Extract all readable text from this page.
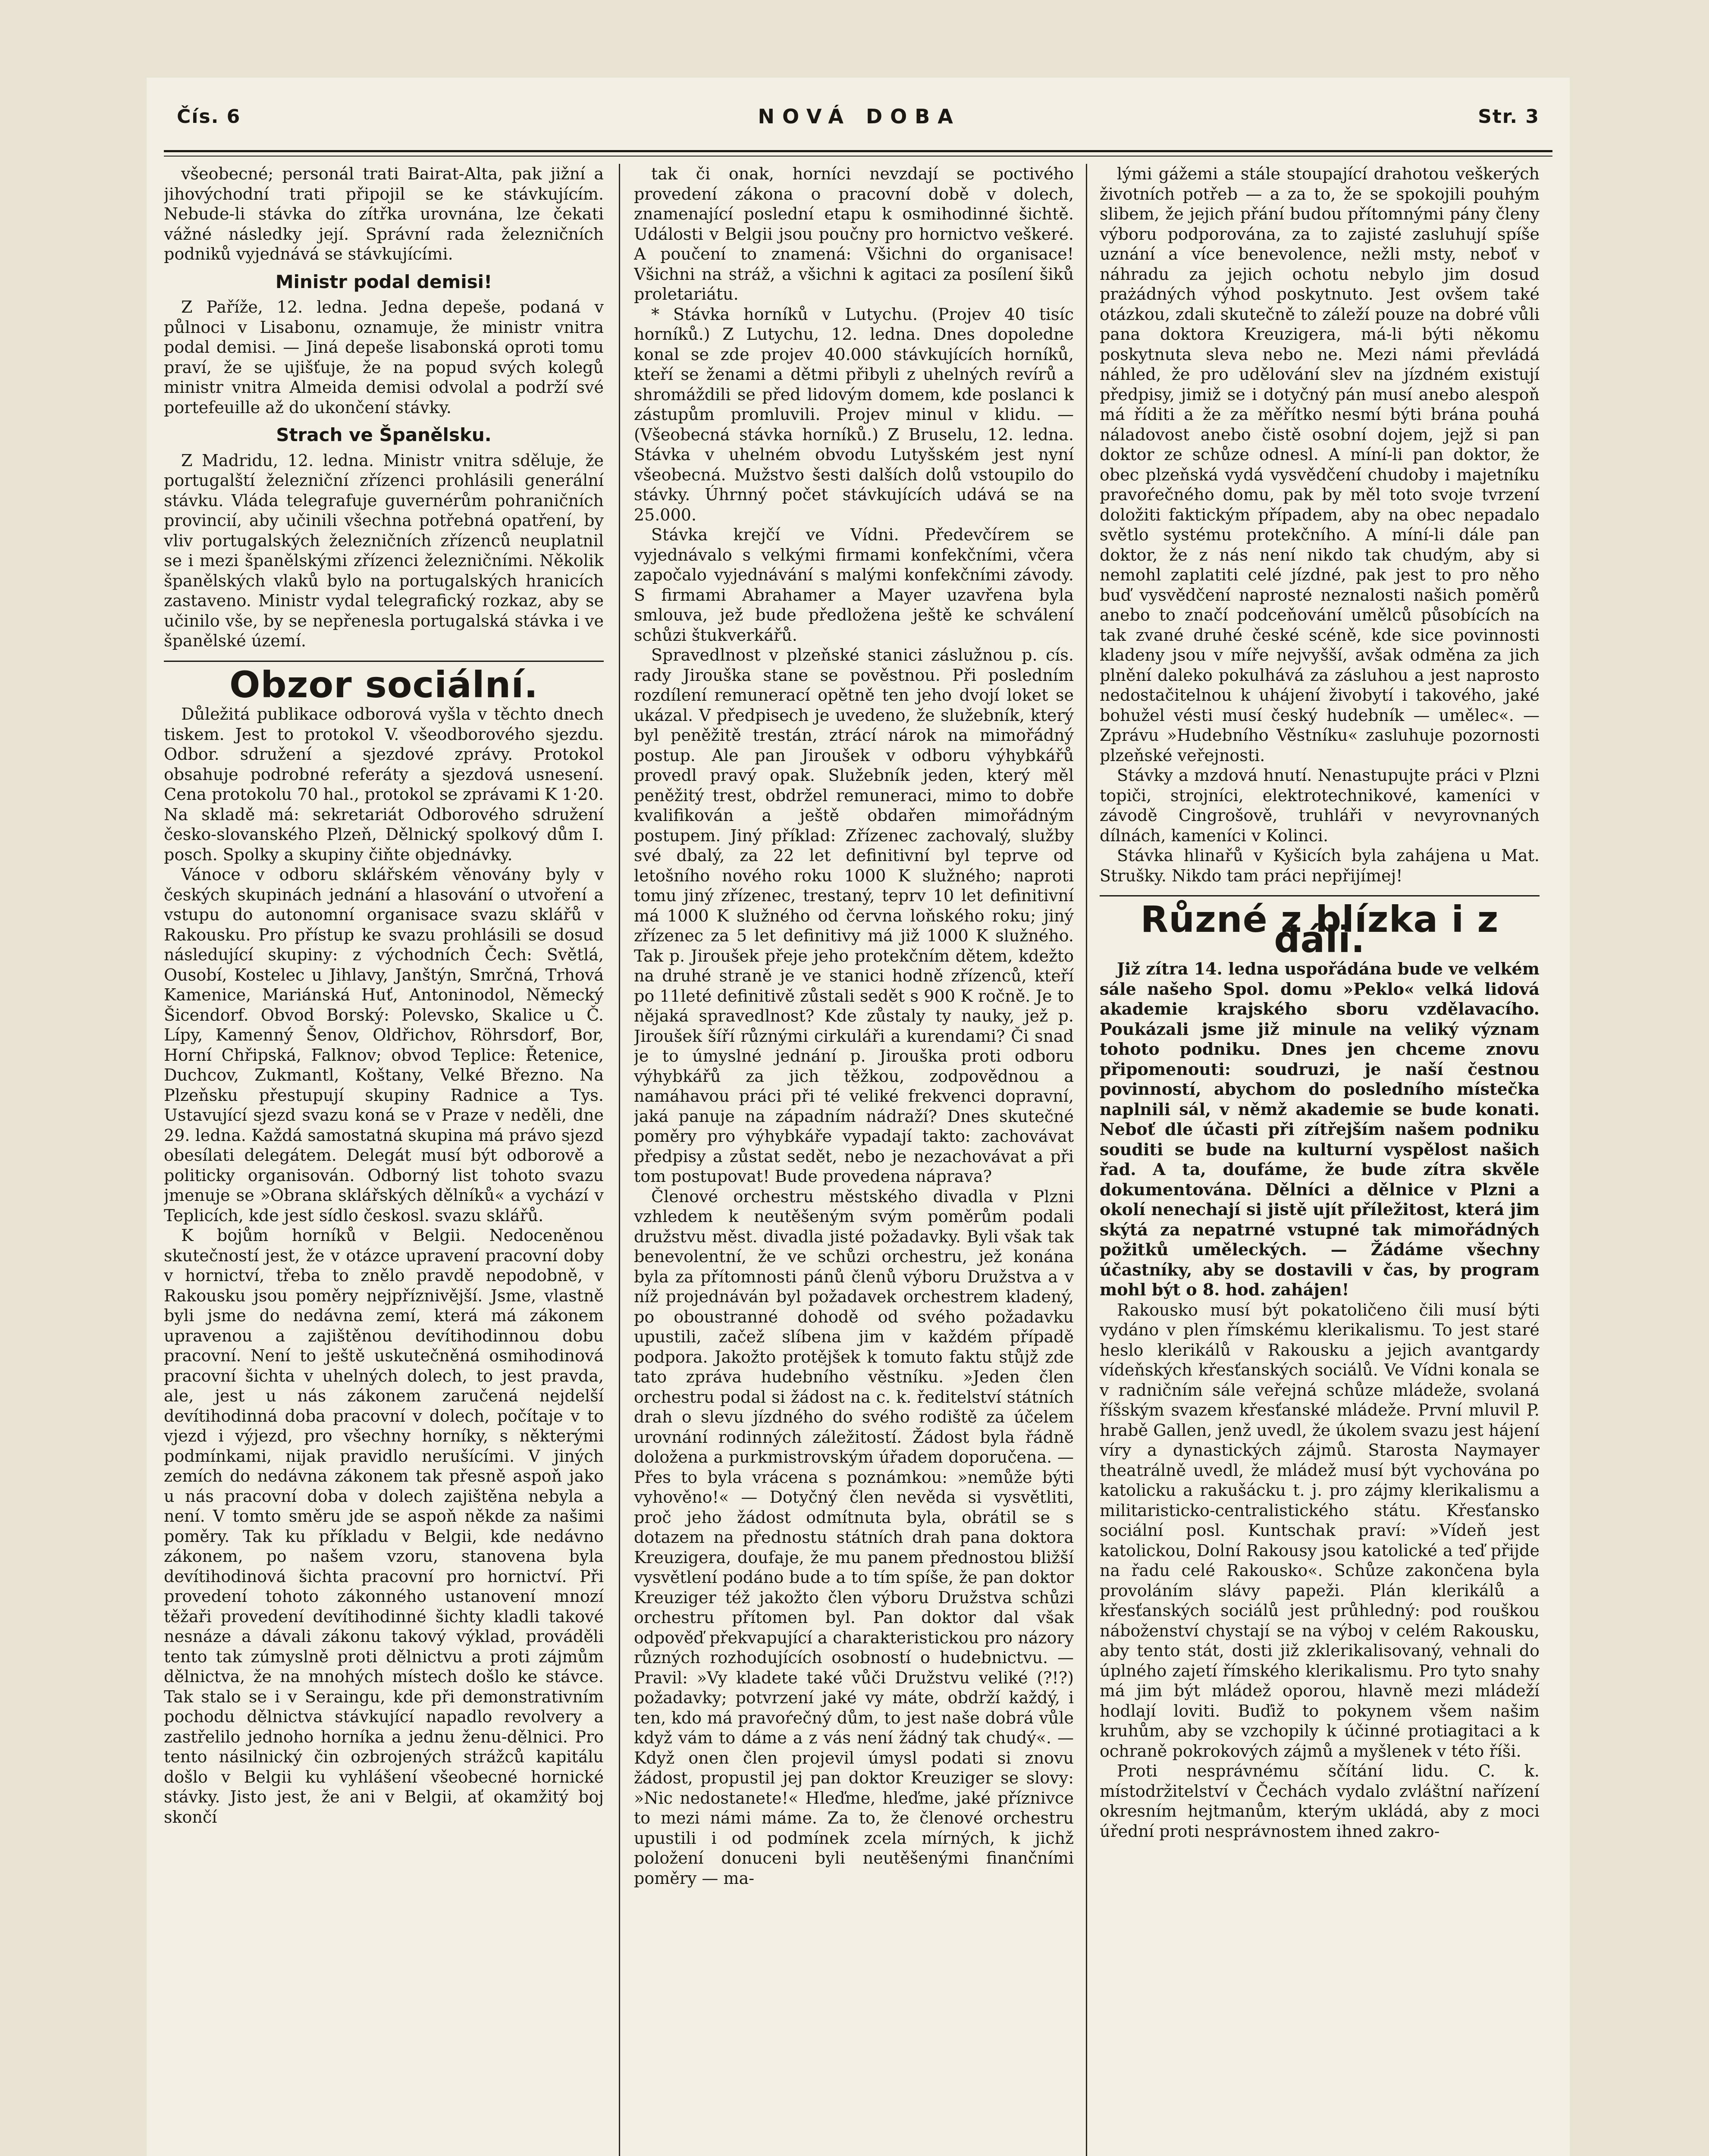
Čís. 6	NOVÁ DOBA	Str. 3

všeobecné; personál trati Bairat-Alta, pak jižní a jihovýchodní trati připojil se ke stávkujícím. Nebude-li stávka do zítřka urovnána, lze čekati vážné následky její. Správní rada železničních podniků vyjednává se stávkujícími.

Ministr podal demisi!

Z Paříže, 12. ledna. Jedna depeše, podaná v půlnoci v Lisabonu, oznamuje, že ministr vnitra podal demisi. — Jiná depeše lisabonská oproti tomu praví, že se ujišťuje, že na popud svých kolegů ministr vnitra Almeida demisi odvolal a podrží své portefeuille až do ukončení stávky.

Strach ve Španělsku.

Z Madridu, 12. ledna. Ministr vnitra sděluje, že portugalští železniční zřízenci prohlásili generální stávku. Vláda telegrafuje guvernérům pohraničních provincií, aby učinili všechna potřebná opatření, by vliv portugalských železničních zřízenců neuplatnil se i mezi španělskými zřízenci železničními. Několik španělských vlaků bylo na portugalských hranicích zastaveno. Ministr vydal telegrafický rozkaz, aby se učinilo vše, by se nepřenesla portugalská stávka i ve španělské území.

Obzor sociální.

Důležitá publikace odborová vyšla v těchto dnech tiskem. Jest to protokol V. všeodborového sjezdu. Odbor. sdružení a sjezdové zprávy. Protokol obsahuje podrobné referáty a sjezdová usnesení. Cena protokolu 70 hal., protokol se zprávami K 1·20. Na skladě má: sekretariát Odborového sdružení česko-slovanského Plzeň, Dělnický spolkový dům I. posch. Spolky a skupiny čiňte objednávky.

Vánoce v odboru sklářském věnovány byly v českých skupinách jednání a hlasování o utvoření a vstupu do autonomní organisace svazu sklářů v Rakousku. Pro přístup ke svazu prohlásili se dosud následující skupiny: z východních Čech: Světlá, Ousobí, Kostelec u Jihlavy, Janštýn, Smrčná, Trhová Kamenice, Mariánská Huť, Antoninodol, Německý Šicendorf. Obvod Borský: Polevsko, Skalice u Č. Lípy, Kamenný Šenov, Oldřichov, Röhrsdorf, Bor, Horní Chřipská, Falknov; obvod Teplice: Řetenice, Duchcov, Zukmantl, Koštany, Velké Březno. Na Plzeňsku přestupují skupiny Radnice a Tys. Ustavující sjezd svazu koná se v Praze v neděli, dne 29. ledna. Každá samostatná skupina má právo sjezd obesílati delegátem. Delegát musí být odborově a politicky organisován. Odborný list tohoto svazu jmenuje se »Obrana sklářských dělníků« a vychází v Teplicích, kde jest sídlo českosl. svazu sklářů.

K bojům horníků v Belgii. Nedoceněnou skutečností jest, že v otázce upravení pracovní doby v hornictví, třeba to znělo pravdě nepodobně, v Rakousku jsou poměry nejpříznivější. Jsme, vlastně byli jsme do nedávna zemí, která má zákonem upravenou a zajištěnou devítihodinnou dobu pracovní. Není to ještě uskutečněná osmihodinová pracovní šichta v uhelných dolech, to jest pravda, ale, jest u nás zákonem zaručená nejdelší devítihodinná doba pracovní v dolech, počítaje v to vjezd i výjezd, pro všechny horníky, s některými podmínkami, nijak pravidlo nerušícími. V jiných zemích do nedávna zákonem tak přesně aspoň jako u nás pracovní doba v dolech zajištěna nebyla a není. V tomto směru jde se aspoň někde za našimi poměry. Tak ku příkladu v Belgii, kde nedávno zákonem, po našem vzoru, stanovena byla devítihodinová šichta pracovní pro hornictví. Při provedení tohoto zákonného ustanovení mnozí těžaři provedení devítihodinné šichty kladli takové nesnáze a dávali zákonu takový výklad, prováděli tento tak zúmyslně proti dělnictvu a proti zájmům dělnictva, že na mnohých místech došlo ke stávce. Tak stalo se i v Seraingu, kde při demonstrativním pochodu dělnictva stávkující napadlo revolvery a zastřelilo jednoho horníka a jednu ženu-dělnici. Pro tento násilnický čin ozbrojených strážců kapitálu došlo v Belgii ku vyhlášení všeobecné hornické stávky. Jisto jest, že ani v Belgii, ať okamžitý boj skončí

tak či onak, horníci nevzdají se poctivého provedení zákona o pracovní době v dolech, znamenající poslední etapu k osmihodinné šichtě. Události v Belgii jsou poučny pro hornictvo veškeré. A poučení to znamená: Všichni do organisace! Všichni na stráž, a všichni k agitaci za posílení šiků proletariátu.

* Stávka horníků v Lutychu. (Projev 40 tisíc horníků.) Z Lutychu, 12. ledna. Dnes dopoledne konal se zde projev 40.000 stávkujících horníků, kteří se ženami a dětmi přibyli z uhelných revírů a shromáždili se před lidovým domem, kde poslanci k zástupům promluvili. Projev minul v klidu. — (Všeobecná stávka horníků.) Z Bruselu, 12. ledna. Stávka v uhelném obvodu Lutyšském jest nyní všeobecná. Mužstvo šesti dalších dolů vstoupilo do stávky. Úhrnný počet stávkujících udává se na 25.000.

Stávka krejčí ve Vídni. Předevčírem se vyjednávalo s velkými firmami konfekčními, včera započalo vyjednávání s malými konfekčními závody. S firmami Abrahamer a Mayer uzavřena byla smlouva, jež bude předložena ještě ke schválení schůzi štukverkářů.

Spravedlnost v plzeňské stanici záslužnou p. cís. rady Jirouška stane se pověstnou. Při posledním rozdílení remunerací opětně ten jeho dvojí loket se ukázal. V předpisech je uvedeno, že služebník, který byl peněžitě trestán, ztrácí nárok na mimořádný postup. Ale pan Jiroušek v odboru výhybkářů provedl pravý opak. Služebník jeden, který měl peněžitý trest, obdržel remuneraci, mimo to dobře kvalifikován a ještě obdařen mimořádným postupem. Jiný příklad: Zřízenec zachovalý, služby své dbalý, za 22 let definitivní byl teprve od letošního nového roku 1000 K služného; naproti tomu jiný zřízenec, trestaný, teprv 10 let definitivní má 1000 K služného od června loňského roku; jiný zřízenec za 5 let definitivy má již 1000 K služného. Tak p. Jiroušek přeje jeho protekčním dětem, kdežto na druhé straně je ve stanici hodně zřízenců, kteří po 11leté definitivě zůstali sedět s 900 K ročně. Je to nějaká spravedlnost? Kde zůstaly ty nauky, jež p. Jiroušek šíří různými cirkuláři a kurendami? Či snad je to úmyslné jednání p. Jirouška proti odboru výhybkářů za jich těžkou, zodpovědnou a namáhavou práci při té veliké frekvenci dopravní, jaká panuje na západním nádraží? Dnes skutečné poměry pro výhybkáře vypadají takto: zachovávat předpisy a zůstat sedět, nebo je nezachovávat a při tom postupovat! Bude provedena náprava?

Členové orchestru městského divadla v Plzni vzhledem k neutěšeným svým poměrům podali družstvu měst. divadla jisté požadavky. Byli však tak benevolentní, že ve schůzi orchestru, jež konána byla za přítomnosti pánů členů výboru Družstva a v níž projednáván byl požadavek orchestrem kladený, po oboustranné dohodě od svého požadavku upustili, začež slíbena jim v každém případě podpora. Jakožto protějšek k tomuto faktu stůjž zde tato zpráva hudebního věstníku. »Jeden člen orchestru podal si žádost na c. k. ředitelství státních drah o slevu jízdného do svého rodiště za účelem urovnání rodinných záležitostí. Žádost byla řádně doložena a purkmistrovským úřadem doporučena. — Přes to byla vrácena s poznámkou: »nemůže býti vyhověno!« — Dotyčný člen nevěda si vysvětliti, proč jeho žádost odmítnuta byla, obrátil se s dotazem na přednostu státních drah pana doktora Kreuzigera, doufaje, že mu panem přednostou bližší vysvětlení podáno bude a to tím spíše, že pan doktor Kreuziger též jakožto člen výboru Družstva schůzi orchestru přítomen byl. Pan doktor dal však odpověď překvapující a charakteristickou pro názory různých rozhodujících osobností o hudebnictvu. — Pravil: »Vy kladete také vůči Družstvu veliké (?!?) požadavky; potvrzení jaké vy máte, obdrží každý, i ten, kdo má pravoŕečný dům, to jest naše dobrá vůle když vám to dáme a z vás není žádný tak chudý«. — Když onen člen projevil úmysl podati si znovu žádost, propustil jej pan doktor Kreuziger se slovy: »Nic nedostanete!« Hleďme, hleďme, jaké příznivce to mezi námi máme. Za to, že členové orchestru upustili i od podmínek zcela mírných, k jichž položení donuceni byli neutěšenými finančními poměry — ma-

lými gážemi a stále stoupající drahotou veškerých životních potřeb — a za to, že se spokojili pouhým slibem, že jejich přání budou přítomnými pány členy výboru podporována, za to zajisté zasluhují spíše uznání a více benevolence, nežli msty, neboť v náhradu za jejich ochotu nebylo jim dosud prażádných výhod poskytnuto. Jest ovšem také otázkou, zdali skutečně to záleží pouze na dobré vůli pana doktora Kreuzigera, má-li býti někomu poskytnuta sleva nebo ne. Mezi námi převládá náhled, že pro udělování slev na jízdném existují předpisy, jimiž se i dotyčný pán musí anebo alespoň má říditi a že za měřítko nesmí býti brána pouhá náladovost anebo čistě osobní dojem, jejž si pan doktor ze schůze odnesl. A míní-li pan doktor, že obec plzeňská vydá vysvědčení chudoby i majetníku pravoŕečného domu, pak by měl toto svoje tvrzení doložiti faktickým případem, aby na obec nepadalo světlo systému protekčního. A míní-li dále pan doktor, že z nás není nikdo tak chudým, aby si nemohl zaplatiti celé jízdné, pak jest to pro něho buď vysvědčení naprosté neznalosti našich poměrů anebo to značí podceňování umělců působících na tak zvané druhé české scéně, kde sice povinnosti kladeny jsou v míře nejvyšší, avšak odměna za jich plnění daleko pokulhává za zásluhou a jest naprosto nedostačitelnou k uhájení živobytí i takového, jaké bohužel vésti musí český hudebník — umělec«. — Zprávu »Hudebního Věstníku« zasluhuje pozornosti plzeňské veřejnosti.

Stávky a mzdová hnutí. Nenastupujte práci v Plzni topiči, strojníci, elektrotechnikové, kameníci v závodě Cingrošově, truhláři v nevyrovnaných dílnách, kameníci v Kolinci.

Stávka hlinařů v Kyšicích byla zahájena u Mat. Strušky. Nikdo tam práci nepřijímej!

Různé z blízka i z dáli.

Již zítra 14. ledna uspořádána bude ve velkém sále našeho Spol. domu »Peklo« velká lidová akademie krajského sboru vzdělavacího. Poukázali jsme již minule na veliký význam tohoto podniku. Dnes jen chceme znovu připomenouti: soudruzi, je naší čestnou povinností, abychom do posledního místečka naplnili sál, v němž akademie se bude konati. Neboť dle účasti při zítřejším našem podniku souditi se bude na kulturní vyspělost našich řad. A ta, doufáme, že bude zítra skvěle dokumentována. Dělníci a dělnice v Plzni a okolí nenechají si jistě ujít příležitost, která jim skýtá za nepatrné vstupné tak mimořádných požitků uměleckých. — Žádáme všechny účastníky, aby se dostavili v čas, by program mohl být o 8. hod. zahájen!

Rakousko musí být pokatoličeno čili musí býti vydáno v plen římskému klerikalismu. To jest staré heslo klerikálů v Rakousku a jejich avantgardy vídeňských křesťanských sociálů. Ve Vídni konala se v radničním sále veřejná schůze mládeže, svolaná říšským svazem křesťanské mládeže. První mluvil P. hrabě Gallen, jenž uvedl, že úkolem svazu jest hájení víry a dynastických zájmů. Starosta Naymayer theatrálně uvedl, že mládež musí být vychována po katolicku a rakušácku t. j. pro zájmy klerikalismu a militaristicko-centralistického státu. Křesťansko sociální posl. Kuntschak praví: »Vídeň jest katolickou, Dolní Rakousy jsou katolické a teď přijde na řadu celé Rakousko«. Schůze zakončena byla provoláním slávy papeži. Plán klerikálů a křesťanských sociálů jest průhledný: pod rouškou náboženství chystají se na výboj v celém Rakousku, aby tento stát, dosti již zklerikalisovaný, vehnali do úplného zajetí římského klerikalismu. Pro tyto snahy má jim být mládež oporou, hlavně mezi mládeží hodlají loviti. Buďiž to pokynem všem našim kruhům, aby se vzchopily k účinné protiagitaci a k ochraně pokrokových zájmů a myšlenek v této říši.

Proti nesprávnému sčítání lidu. C. k. místodržitelství v Čechách vydalo zvláštní nařízení okresním hejtmanům, kterým ukládá, aby z moci úřední proti nesprávnostem ihned zakro-
